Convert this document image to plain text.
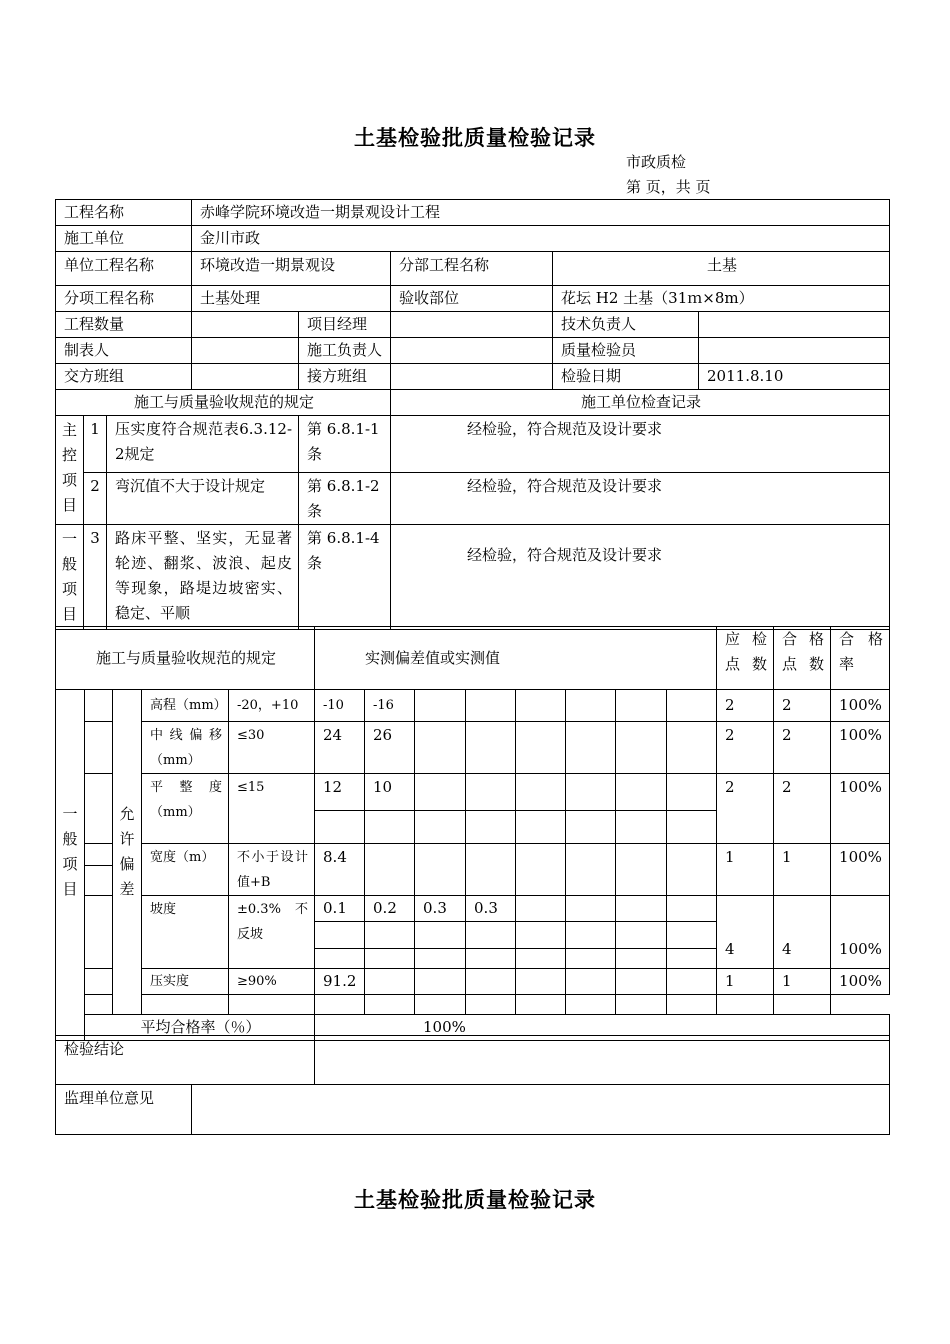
土基检验批质量检验记录
市政质检
第 页，共 页
工程名称			赤峰学院环境改造一期景观设计工程				
施工单位			金川市政				
单位工程名称			环境改造一期景观设		分部工程名称	土基	
分项工程名称			土基处理		验收部位	花坛 H2 土基（31ｍ×8m）	
工程数量				项目经理		技术负责人	
制表人				施工负责人		质量检验员	
交方班组				接方班组		检验日期	2011.8.10
施工与质量验收规范的规定					施工单位检查记录		

主控项目	1	压实度符合规范表6.3.12-2规定		第 6.8.1-1 条	经检验，符合规范及设计要求		
	2	弯沉值不大于设计规定		第 6.8.1-2 条	经检验，符合规范及设计要求		

一般项目	3	路床平整、坚实，无显著轮迹、翻浆、波浪、起皮等现象，路堤边坡密实、稳定、平顺		第 6.8.1-4 条	经检验，符合规范及设计要求		
施工与质量验收规范的规定					实测偏差值或实测值								应检点数	合格点数	合格率

一般项目		允许偏差	高程（mm）	-20，+10	-10	-16							2	2	100%

			中线偏移（mm）	≤30	24	26							2	2	100%

			平整度（mm）	≤15	12	10							2	2	100%

			宽度（m）	不小于设计值+B	8.4								1	1	100%
			坡度	±0.3% 不反坡	0.1	0.2	0.3	0.3					4	4	100%

			压实度	≥90%	91.2								1	1	100%

	平均合格率（％）				100%										
检验结论		
监理单位意见		
土基检验批质量检验记录
